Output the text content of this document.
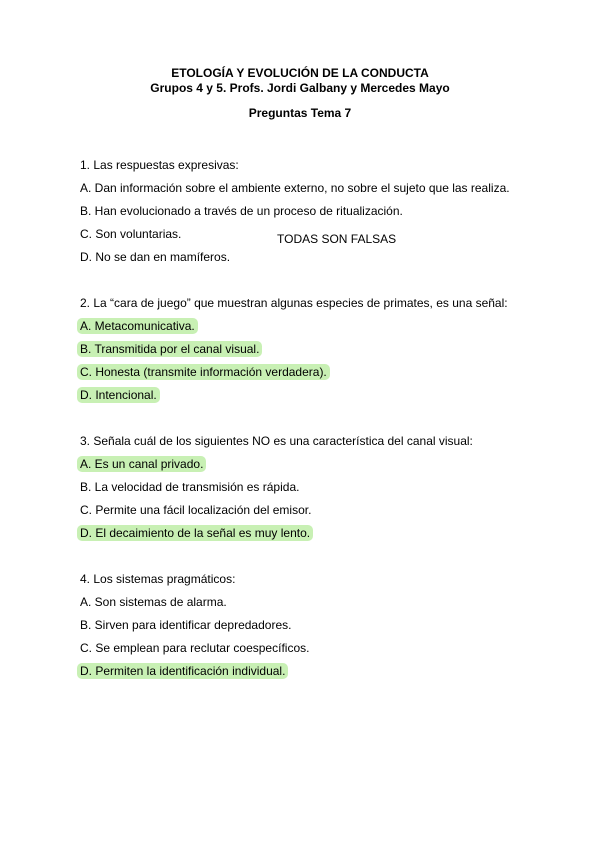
ETOLOGÍA Y EVOLUCIÓN DE LA CONDUCTA
Grupos 4 y 5. Profs. Jordi Galbany y Mercedes Mayo
Preguntas Tema 7
1. Las respuestas expresivas:
A. Dan información sobre el ambiente externo, no sobre el sujeto que las realiza.
B. Han evolucionado a través de un proceso de ritualización.
C. Son voluntarias.
D. No se dan en mamíferos.
TODAS SON FALSAS
2. La “cara de juego” que muestran algunas especies de primates, es una señal:
A. Metacomunicativa.
B. Transmitida por el canal visual.
C. Honesta (transmite información verdadera).
D. Intencional.
3. Señala cuál de los siguientes NO es una característica del canal visual:
A. Es un canal privado.
B. La velocidad de transmisión es rápida.
C. Permite una fácil localización del emisor.
D. El decaimiento de la señal es muy lento.
4. Los sistemas pragmáticos:
A. Son sistemas de alarma.
B. Sirven para identificar depredadores.
C. Se emplean para reclutar coespecíficos.
D. Permiten la identificación individual.
